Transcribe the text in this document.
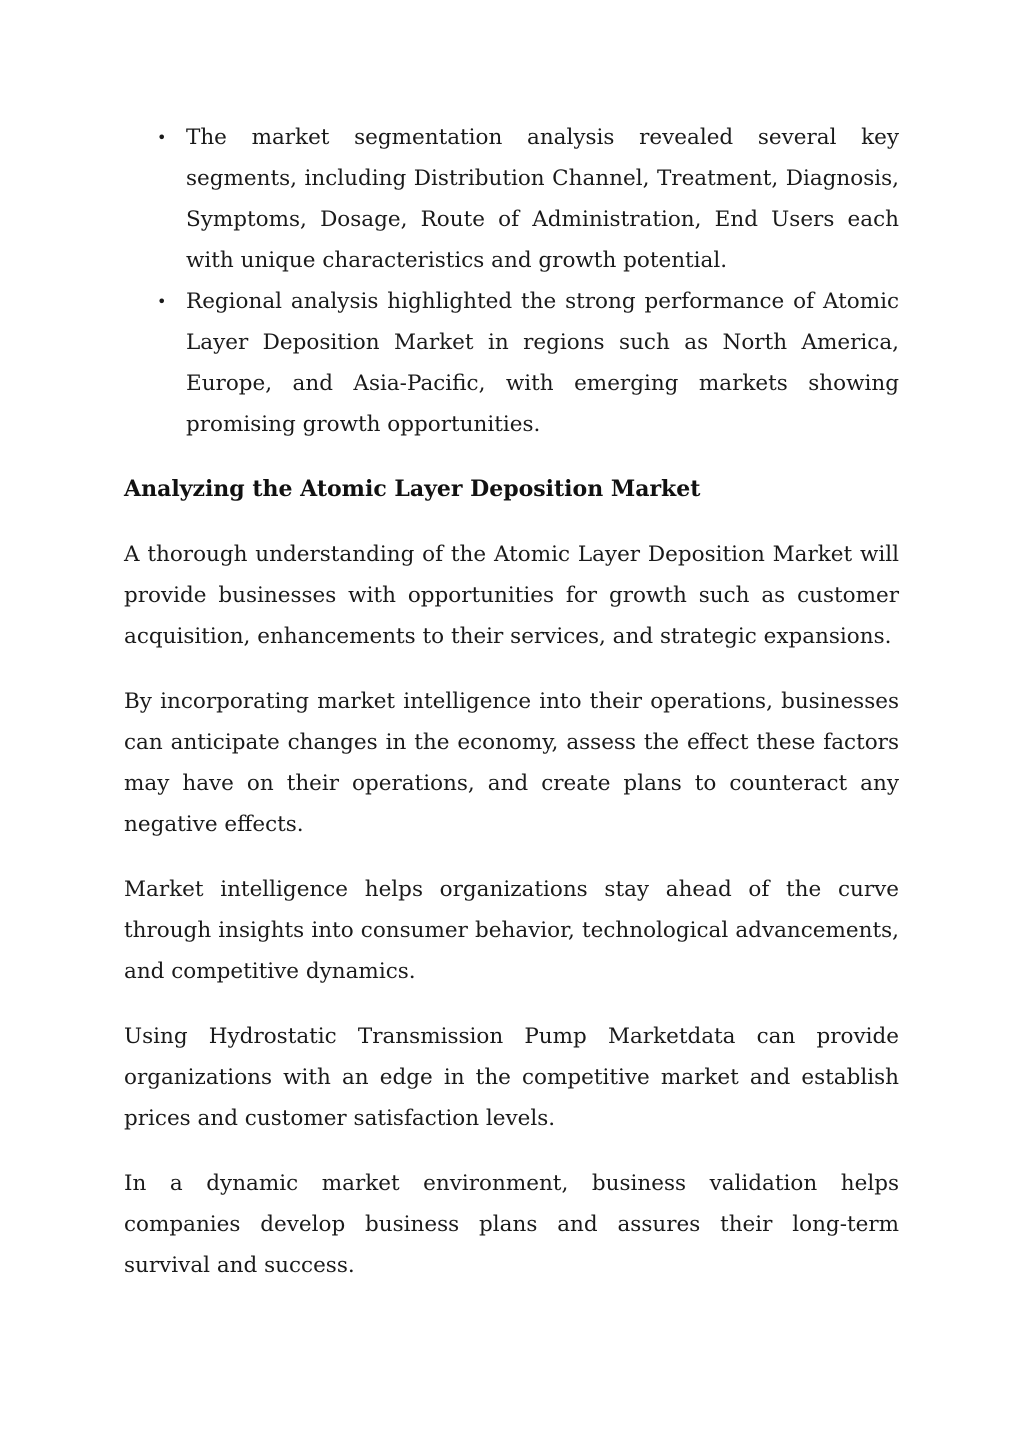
• The market segmentation analysis revealed several key segments, including Distribution Channel, Treatment, Diagnosis, Symptoms, Dosage, Route of Administration, End Users each with unique characteristics and growth potential.
• Regional analysis highlighted the strong performance of Atomic Layer Deposition Market in regions such as North America, Europe, and Asia-Pacific, with emerging markets showing promising growth opportunities.
Analyzing the Atomic Layer Deposition Market

A thorough understanding of the Atomic Layer Deposition Market will provide businesses with opportunities for growth such as customer acquisition, enhancements to their services, and strategic expansions.

By incorporating market intelligence into their operations, businesses can anticipate changes in the economy, assess the effect these factors may have on their operations, and create plans to counteract any negative effects.

Market intelligence helps organizations stay ahead of the curve through insights into consumer behavior, technological advancements, and competitive dynamics.

Using Hydrostatic Transmission Pump Marketdata can provide organizations with an edge in the competitive market and establish prices and customer satisfaction levels.

In a dynamic market environment, business validation helps companies develop business plans and assures their long-term survival and success.
